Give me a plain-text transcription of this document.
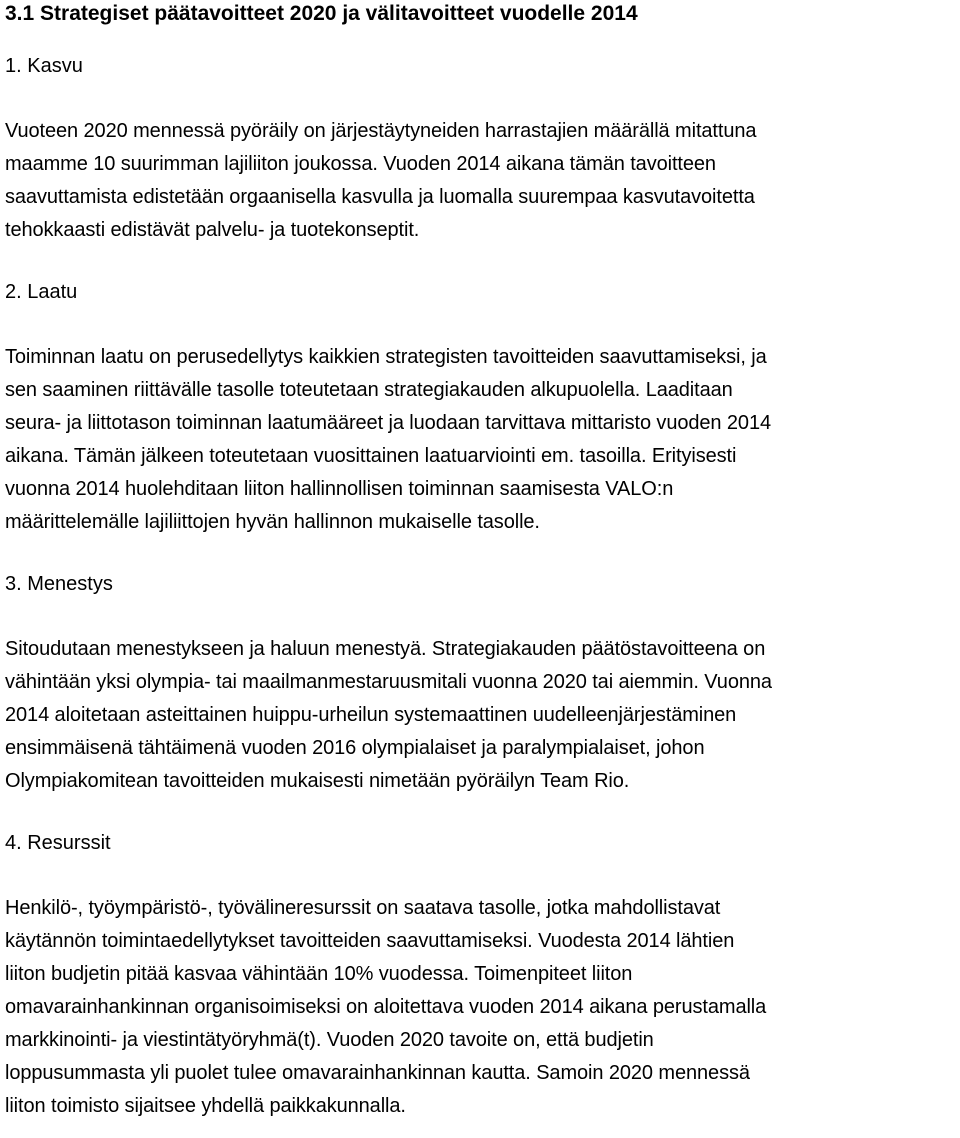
3.1 Strategiset päätavoitteet 2020 ja välitavoitteet vuodelle 2014
1. Kasvu
Vuoteen 2020 mennessä pyöräily on järjestäytyneiden harrastajien määrällä mitattuna
maamme 10 suurimman lajiliiton joukossa. Vuoden 2014 aikana tämän tavoitteen
saavuttamista edistetään orgaanisella kasvulla ja luomalla suurempaa kasvutavoitetta
tehokkaasti edistävät palvelu- ja tuotekonseptit.
2. Laatu
Toiminnan laatu on perusedellytys kaikkien strategisten tavoitteiden saavuttamiseksi, ja
sen saaminen riittävälle tasolle toteutetaan strategiakauden alkupuolella. Laaditaan
seura- ja liittotason toiminnan laatumääreet ja luodaan tarvittava mittaristo vuoden 2014
aikana. Tämän jälkeen toteutetaan vuosittainen laatuarviointi em. tasoilla. Erityisesti
vuonna 2014 huolehditaan liiton hallinnollisen toiminnan saamisesta VALO:n
määrittelemälle lajiliittojen hyvän hallinnon mukaiselle tasolle.
3. Menestys
Sitoudutaan menestykseen ja haluun menestyä. Strategiakauden päätöstavoitteena on
vähintään yksi olympia- tai maailmanmestaruusmitali vuonna 2020 tai aiemmin. Vuonna
2014 aloitetaan asteittainen huippu-urheilun systemaattinen uudelleenjärjestäminen
ensimmäisenä tähtäimenä vuoden 2016 olympialaiset ja paralympialaiset, johon
Olympiakomitean tavoitteiden mukaisesti nimetään pyöräilyn Team Rio.
4. Resurssit
Henkilö-, työympäristö-, työvälineresurssit on saatava tasolle, jotka mahdollistavat
käytännön toimintaedellytykset tavoitteiden saavuttamiseksi. Vuodesta 2014 lähtien
liiton budjetin pitää kasvaa vähintään 10% vuodessa. Toimenpiteet liiton
omavarainhankinnan organisoimiseksi on aloitettava vuoden 2014 aikana perustamalla
markkinointi- ja viestintätyöryhmä(t). Vuoden 2020 tavoite on, että budjetin
loppusummasta yli puolet tulee omavarainhankinnan kautta. Samoin 2020 mennessä
liiton toimisto sijaitsee yhdellä paikkakunnalla.
